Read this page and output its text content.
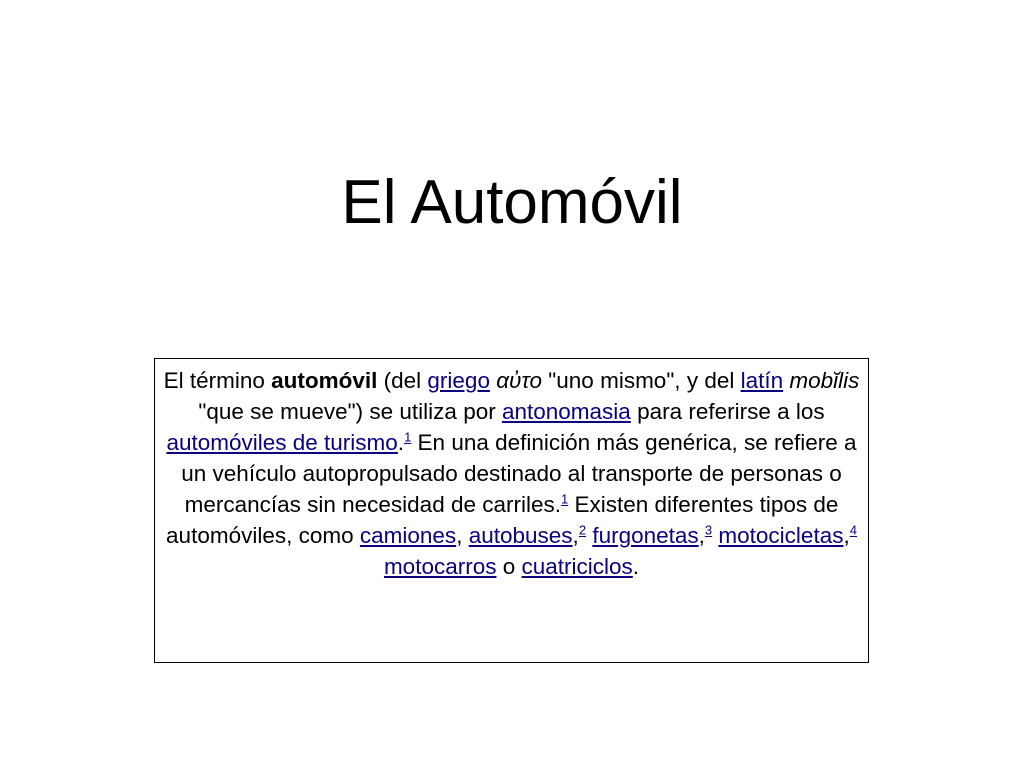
El Automóvil

El término automóvil (del griego αὐτο "uno mismo", y del latín mobĭlis "que se mueve") se utiliza por antonomasia para referirse a los automóviles de turismo.$^1$ En una definición más genérica, se refiere a un vehículo autopropulsado destinado al transporte de personas o mercancías sin necesidad de carriles.$^1$ Existen diferentes tipos de automóviles, como camiones, autobuses,$^2$ furgonetas,$^3$ motocicletas,$^4$motocarros o cuatriciclos.
